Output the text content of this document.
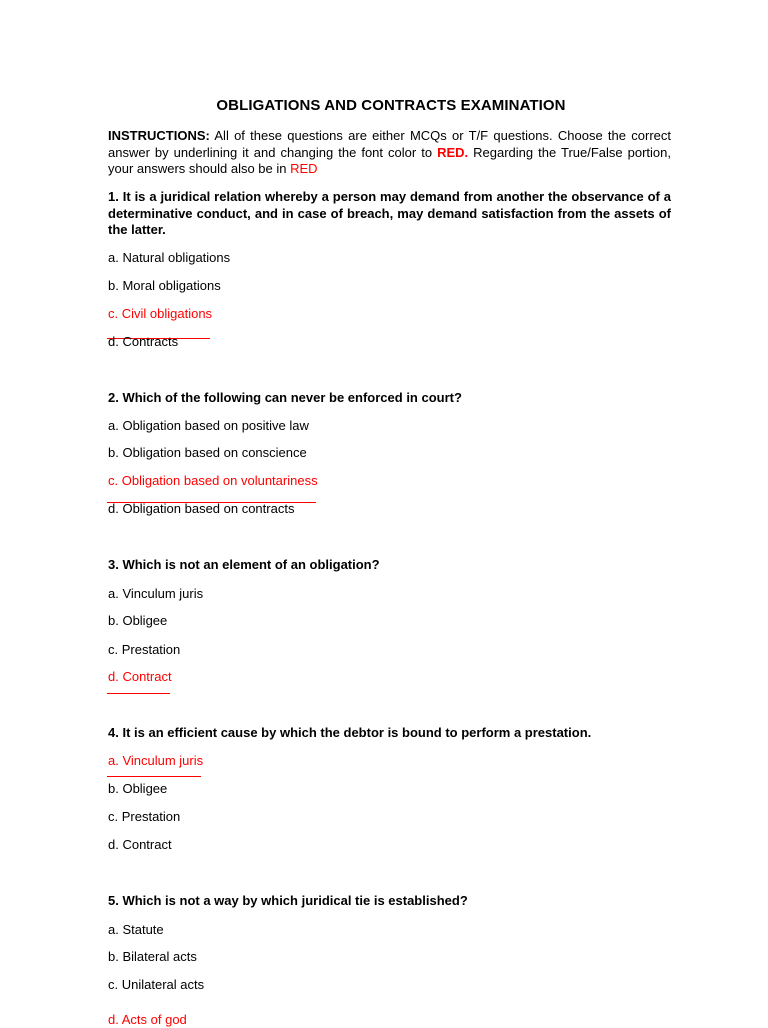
OBLIGATIONS AND CONTRACTS EXAMINATION
INSTRUCTIONS: All of these questions are either MCQs or T/F questions. Choose the correct answer by underlining it and changing the font color to RED. Regarding the True/False portion, your answers should also be in RED
1. It is a juridical relation whereby a person may demand from another the observance of a determinative conduct, and in case of breach, may demand satisfaction from the assets of the latter.
a. Natural obligations
b. Moral obligations
c. Civil obligations
d. Contracts
2. Which of the following can never be enforced in court?
a. Obligation based on positive law
b. Obligation based on conscience
c. Obligation based on voluntariness
d. Obligation based on contracts
3. Which is not an element of an obligation?
a. Vinculum juris
b. Obligee
c. Prestation
d. Contract
4. It is an efficient cause by which the debtor is bound to perform a prestation.
a. Vinculum juris
b. Obligee
c. Prestation
d. Contract
5. Which is not a way by which juridical tie is established?
a. Statute
b. Bilateral acts
c. Unilateral acts
d. Acts of god
